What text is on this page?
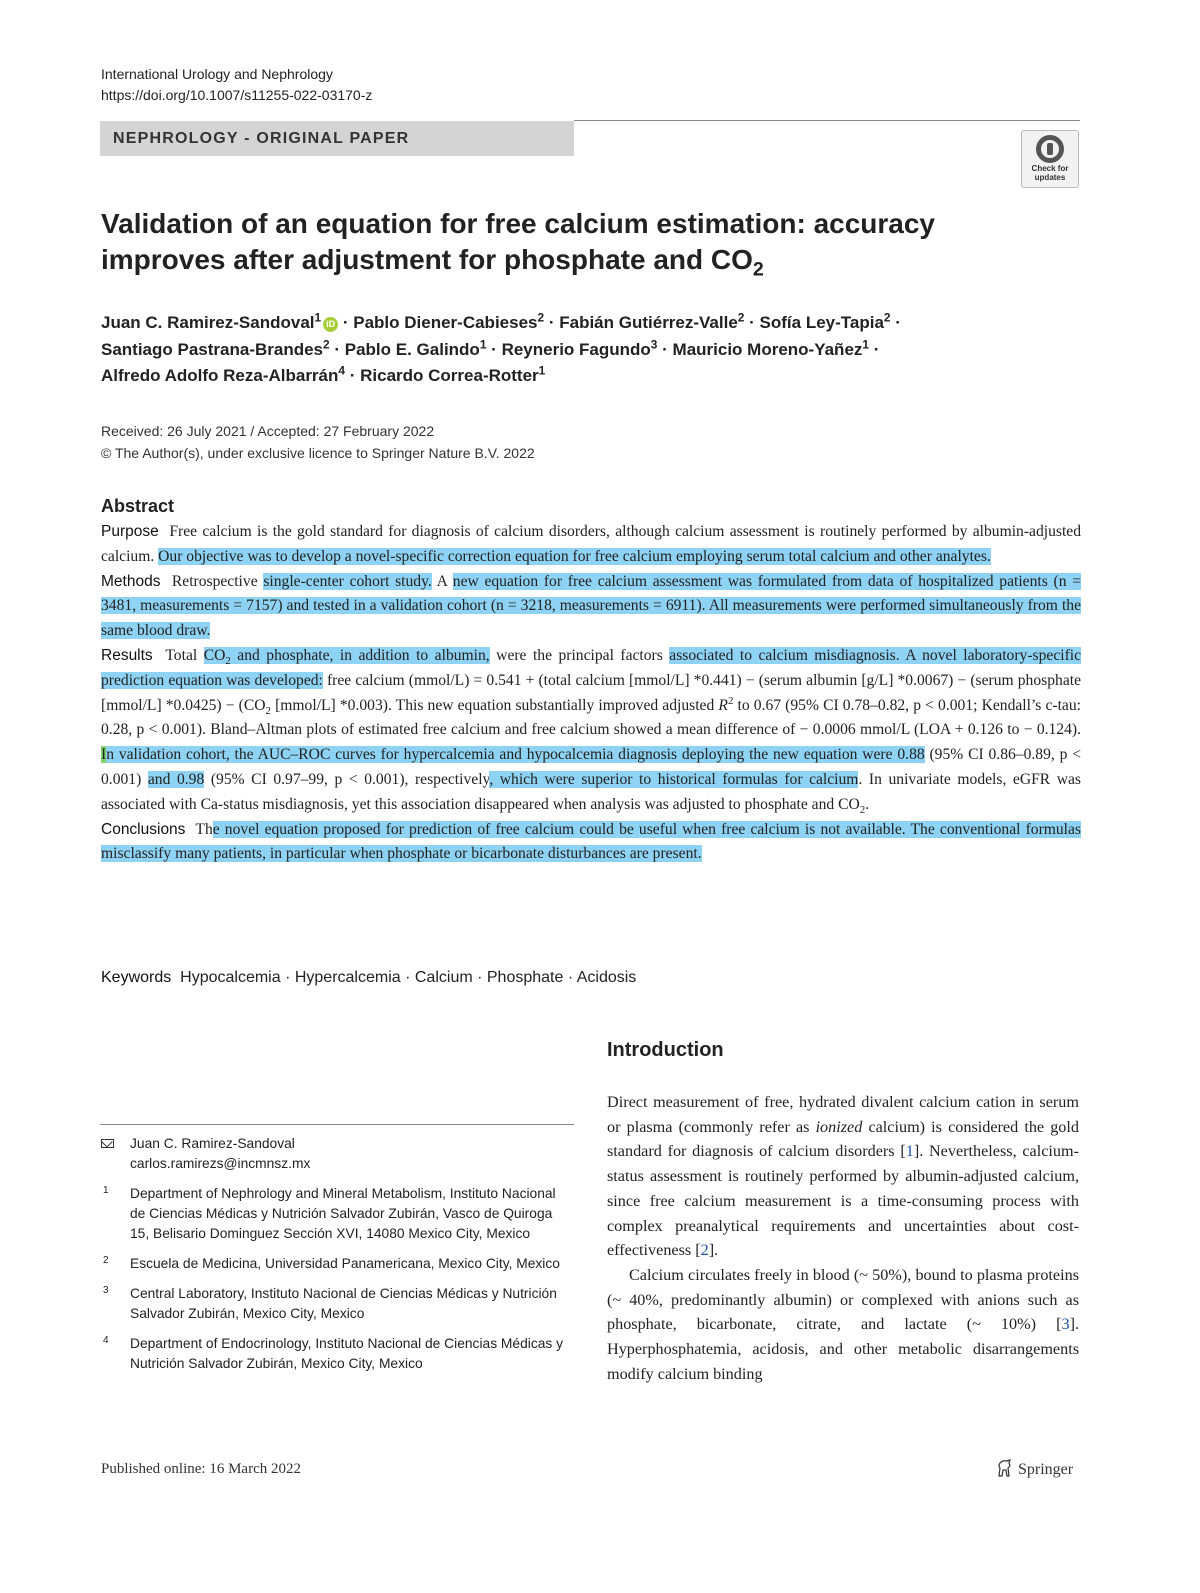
International Urology and Nephrology
https://doi.org/10.1007/s11255-022-03170-z
NEPHROLOGY - ORIGINAL PAPER
Check for updates
Validation of an equation for free calcium estimation: accuracy
improves after adjustment for phosphate and $CO_2$
Juan C. Ramirez-Sandoval$^1$ iD · Pablo Diener-Cabieses$^2$ · Fabián Gutiérrez-Valle$^2$ · Sofía Ley-Tapia$^2$ ·
Santiago Pastrana-Brandes$^2$ · Pablo E. Galindo$^1$ · Reynerio Fagundo$^3$ · Mauricio Moreno-Yañez$^1$ ·
Alfredo Adolfo Reza-Albarrán$^4$ · Ricardo Correa-Rotter$^1$
Received: 26 July 2021 / Accepted: 27 February 2022
© The Author(s), under exclusive licence to Springer Nature B.V. 2022
Abstract

Purpose Free calcium is the gold standard for diagnosis of calcium disorders, although calcium assessment is routinely performed by albumin-adjusted calcium. Our objective was to develop a novel-specific correction equation for free calcium employing serum total calcium and other analytes.

Methods Retrospective single-center cohort study. A new equation for free calcium assessment was formulated from data of hospitalized patients (n = 3481, measurements = 7157) and tested in a validation cohort (n = 3218, measurements = 6911). All measurements were performed simultaneously from the same blood draw.

Results Total $CO_2$ and phosphate, in addition to albumin, were the principal factors associated to calcium misdiagnosis. A novel laboratory-specific prediction equation was developed: free calcium (mmol/L) = 0.541 + (total calcium [mmol/L] *0.441) − (serum albumin [g/L] *0.0067) − (serum phosphate [mmol/L] $*0.0425) - (CO_2$ [mmol/L] *0.003). This new equation substantially improved adjusted $R^2$ to 0.67 (95% CI 0.78–0.82, p < 0.001; Kendall’s c-tau: 0.28, p < 0.001). Bland–Altman plots of estimated free calcium and free calcium showed a mean difference of − 0.0006 mmol/L (LOA + 0.126 to − 0.124). In validation cohort, the AUC–ROC curves for hypercalcemia and hypocalcemia diagnosis deploying the new equation were 0.88 (95% CI 0.86–0.89, p < 0.001) and 0.98 (95% CI 0.97–99, p < 0.001), respectively, which were superior to historical formulas for calcium. In univariate models, eGFR was associated with Ca-status misdiagnosis, yet this association disappeared when analysis was adjusted to phosphate and $CO_2$.

Conclusions The novel equation proposed for prediction of free calcium could be useful when free calcium is not available. The conventional formulas misclassify many patients, in particular when phosphate or bicarbonate disturbances are present.

Keywords Hypocalcemia · Hypercalcemia · Calcium · Phosphate · Acidosis
Introduction

Direct measurement of free, hydrated divalent calcium cation in serum or plasma (commonly refer as ionized calcium) is considered the gold standard for diagnosis of calcium disorders [1]. Nevertheless, calcium-status assessment is routinely performed by albumin-adjusted calcium, since free calcium measurement is a time-consuming process with complex preanalytical requirements and uncertainties about cost-effectiveness [2].

Calcium circulates freely in blood (~ 50%), bound to plasma proteins (~ 40%, predominantly albumin) or complexed with anions such as phosphate, bicarbonate, citrate, and lactate (~ 10%) [3]. Hyperphosphatemia, acidosis, and other metabolic disarrangements modify calcium binding

Juan C. Ramirez-Sandoval
carlos.ramirezs@incmnsz.mx
1 Department of Nephrology and Mineral Metabolism, Instituto Nacional de Ciencias Médicas y Nutrición Salvador Zubirán, Vasco de Quiroga 15, Belisario Dominguez Sección XVI, 14080 Mexico City, Mexico
2 Escuela de Medicina, Universidad Panamericana, Mexico City, Mexico
3 Central Laboratory, Instituto Nacional de Ciencias Médicas y Nutrición Salvador Zubirán, Mexico City, Mexico
4 Department of Endocrinology, Instituto Nacional de Ciencias Médicas y Nutrición Salvador Zubirán, Mexico City, Mexico
Published online: 16 March 2022	Springer
